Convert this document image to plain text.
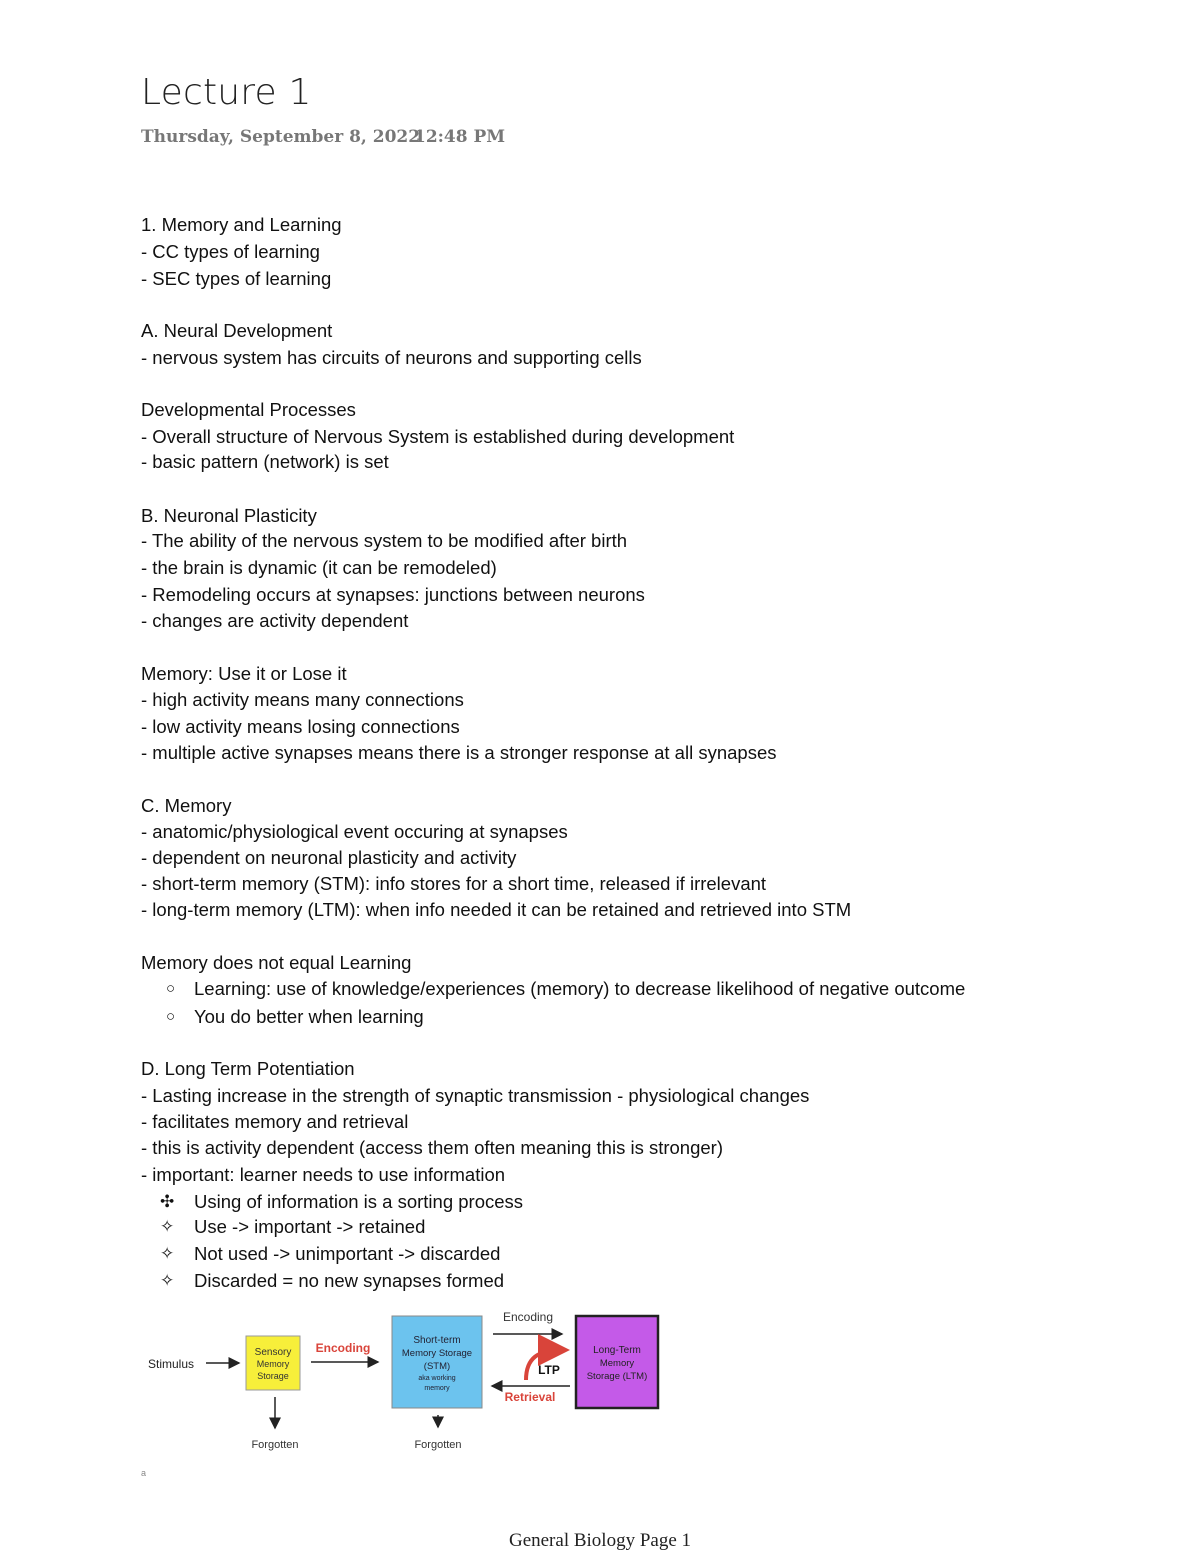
Lecture 1
Thursday, September 8, 2022
12:48 PM
1. Memory and Learning
- CC types of learning
- SEC types of learning
A. Neural Development
- nervous system has circuits of neurons and supporting cells
Developmental Processes
- Overall structure of Nervous System is established during development
- basic pattern (network) is set
B. Neuronal Plasticity
- The ability of the nervous system to be modified after birth
- the brain is dynamic (it can be remodeled)
- Remodeling occurs at synapses: junctions between neurons
- changes are activity dependent
Memory: Use it or Lose it
- high activity means many connections
- low activity means losing connections
- multiple active synapses means there is a stronger response at all synapses
C. Memory
- anatomic/physiological event occuring at synapses
- dependent on neuronal plasticity and activity
- short-term memory (STM): info stores for a short time, released if irrelevant
- long-term memory (LTM): when info needed it can be retained and retrieved into STM
Memory does not equal Learning
○ Learning: use of knowledge/experiences (memory) to decrease likelihood of negative outcome
○ You do better when learning
D. Long Term Potentiation
- Lasting increase in the strength of synaptic transmission - physiological changes
- facilitates memory and retrieval
- this is activity dependent (access them often meaning this is stronger)
- important: learner needs to use information
✣ Using of information is a sorting process
✧ Use -> important -> retained
✧ Not used -> unimportant -> discarded
✧ Discarded = no new synapses formed
Stimulus
Sensory
Memory
Storage
Forgotten
Encoding
Short-term
Memory Storage
(STM)
aka working
memory
Forgotten
Encoding
LTP
Retrieval
Long-Term
Memory
Storage (LTM)
a
General Biology Page 1
